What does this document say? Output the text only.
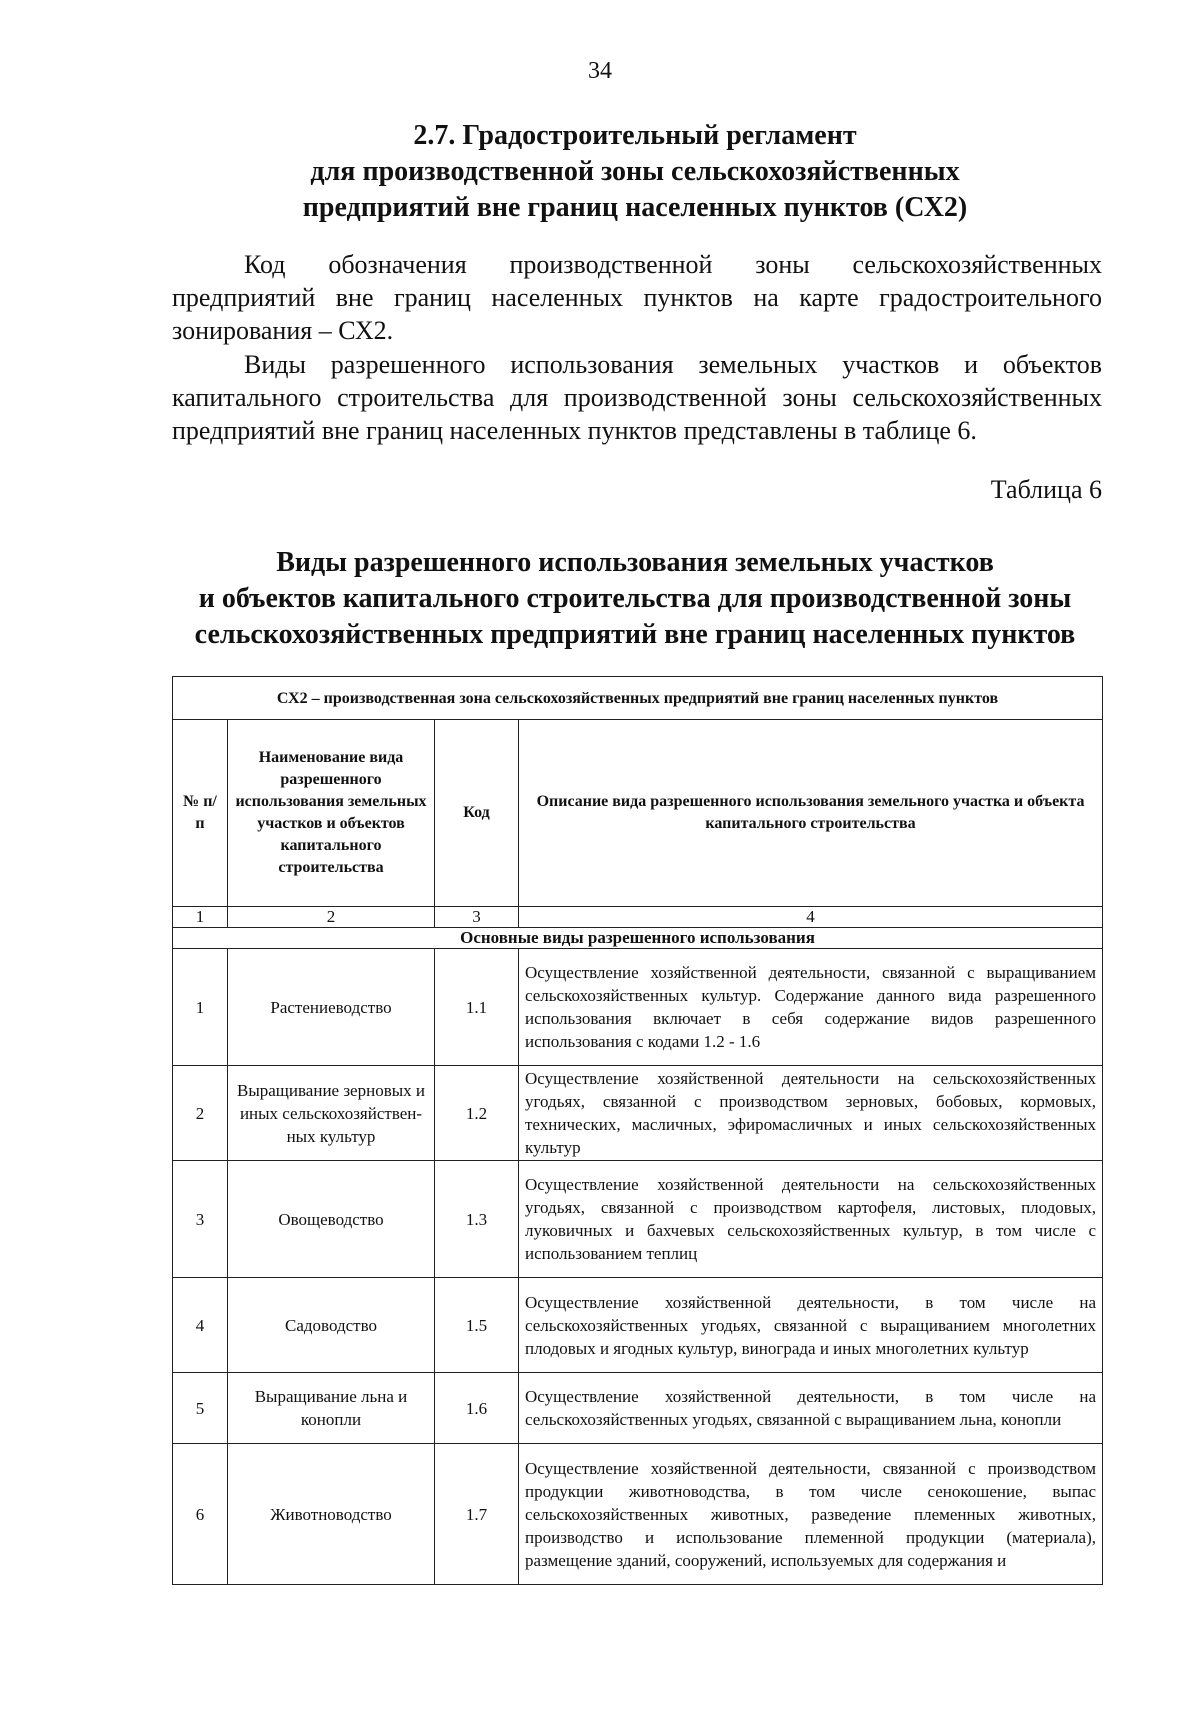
34
2.7. Градостроительный регламент
для производственной зоны сельскохозяйственных
предприятий вне границ населенных пунктов (СХ2)
Код обозначения производственной зоны сельскохозяйственных предприятий вне границ населенных пунктов на карте градостроительного зонирования – СХ2.
Виды разрешенного использования земельных участков и объектов капитального строительства для производственной зоны сельскохозяйственных предприятий вне границ населенных пунктов представлены в таблице 6.
Таблица 6
Виды разрешенного использования земельных участков
и объектов капитального строительства для производственной зоны
сельскохозяйственных предприятий вне границ населенных пунктов
СХ2 – производственная зона сельскохозяйственных предприятий вне границ населенных пунктов			
№ п/п	Наименование вида разрешенного использования земельных участков и объектов капитального строительства	Код	Описание вида разрешенного использования земельного участка и объекта капитального строительства
1	2	3	4
Основные виды разрешенного использования			
1	Растениеводство	1.1	Осуществление хозяйственной деятельности, связанной с выращиванием сельскохозяйственных культур. Содержание данного вида разрешенного использования включает в себя содержание видов разрешенного использования с кодами 1.2 - 1.6
2	Выращивание зерновых и иных сельскохозяйствен-ных культур	1.2	Осуществление хозяйственной деятельности на сельскохозяйственных угодьях, связанной с производством зерновых, бобовых, кормовых, технических, масличных, эфиромасличных и иных сельскохозяйственных культур
3	Овощеводство	1.3	Осуществление хозяйственной деятельности на сельскохозяйственных угодьях, связанной с производством картофеля, листовых, плодовых, луковичных и бахчевых сельскохозяйственных культур, в том числе с использованием теплиц
4	Садоводство	1.5	Осуществление хозяйственной деятельности, в том числе на сельскохозяйственных угодьях, связанной с выращиванием многолетних плодовых и ягодных культур, винограда и иных многолетних культур
5	Выращивание льна и конопли	1.6	Осуществление хозяйственной деятельности, в том числе на сельскохозяйственных угодьях, связанной с выращиванием льна, конопли
6	Животноводство	1.7	Осуществление хозяйственной деятельности, связанной с производством продукции животноводства, в том числе сенокошение, выпас сельскохозяйственных животных, разведение племенных животных, производство и использование племенной продукции (материала), размещение зданий, сооружений, используемых для содержания и
